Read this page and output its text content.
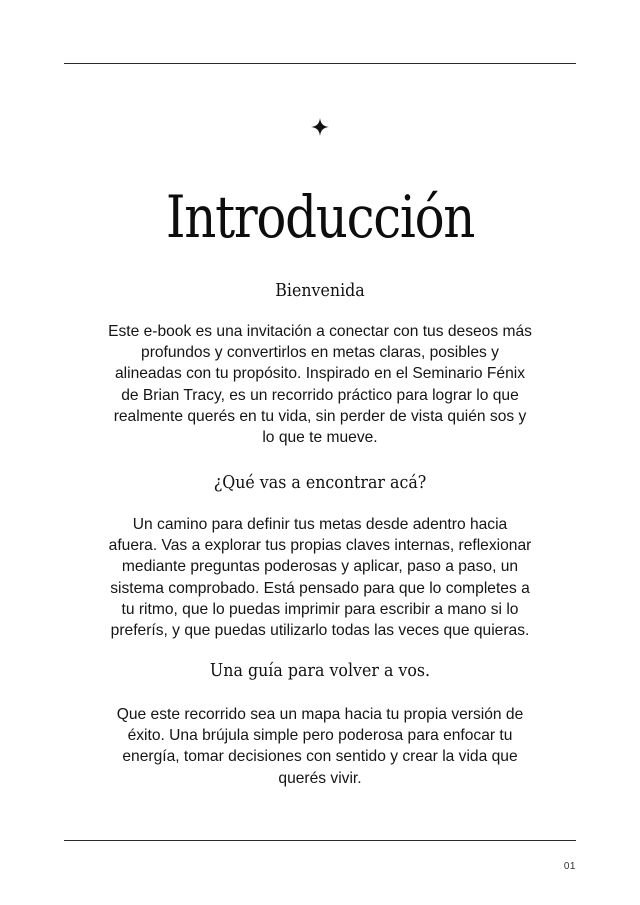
Introducción
Bienvenida

Este e-book es una invitación a conectar con tus deseos más
profundos y convertirlos en metas claras, posibles y
alineadas con tu propósito. Inspirado en el Seminario Fénix
de Brian Tracy, es un recorrido práctico para lograr lo que
realmente querés en tu vida, sin perder de vista quién sos y
lo que te mueve.

¿Qué vas a encontrar acá?

Un camino para definir tus metas desde adentro hacia
afuera. Vas a explorar tus propias claves internas, reflexionar
mediante preguntas poderosas y aplicar, paso a paso, un
sistema comprobado. Está pensado para que lo completes a
tu ritmo, que lo puedas imprimir para escribir a mano si lo
preferís, y que puedas utilizarlo todas las veces que quieras.

Una guía para volver a vos.

Que este recorrido sea un mapa hacia tu propia versión de
éxito. Una brújula simple pero poderosa para enfocar tu
energía, tomar decisiones con sentido y crear la vida que
querés vivir.

01
